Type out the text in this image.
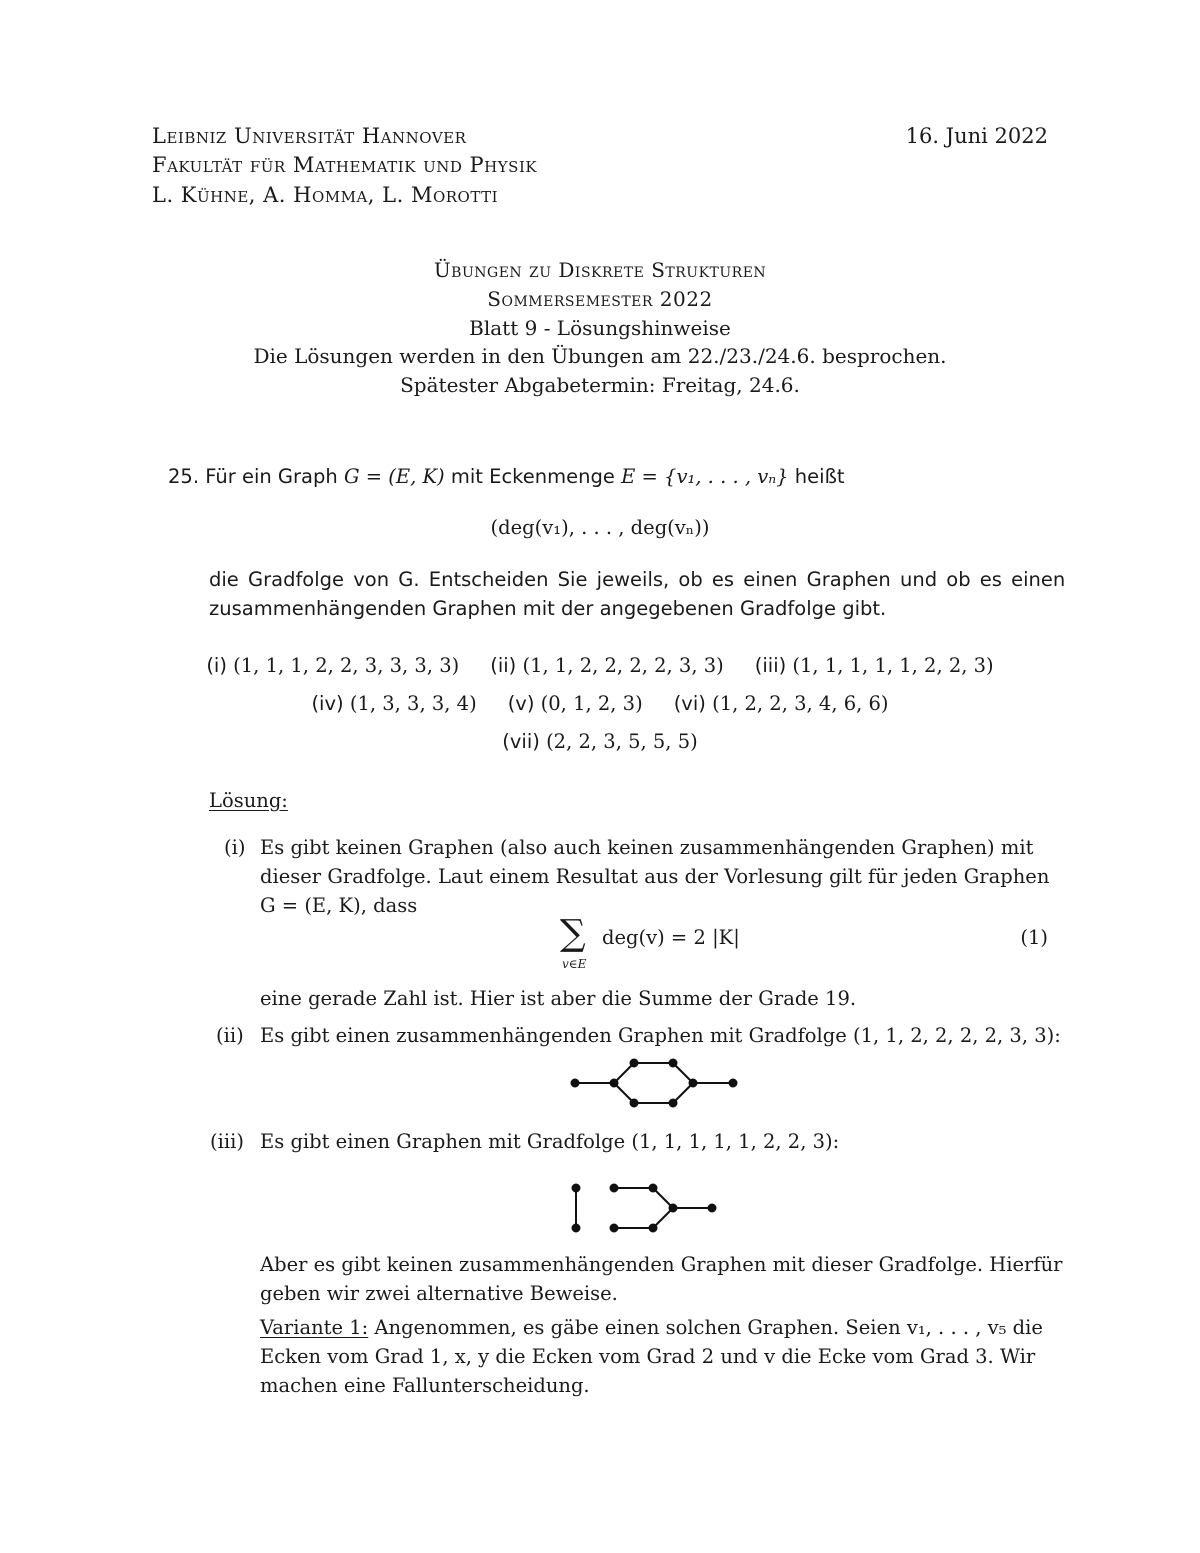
Leibniz Universität Hannover
Fakultät für Mathematik und Physik
L. Kühne, A. Homma, L. Morotti
16. Juni 2022
Übungen zu Diskrete Strukturen
Sommersemester 2022
Blatt 9 - Lösungshinweise
Die Lösungen werden in den Übungen am 22./23./24.6. besprochen.
Spätester Abgabetermin: Freitag, 24.6.
25. Für ein Graph G = (E, K) mit Eckenmenge E = {v₁, . . . , vₙ} heißt
(deg(v₁), . . . , deg(vₙ))
die Gradfolge von G. Entscheiden Sie jeweils, ob es einen Graphen und ob es einen
zusammenhängenden Graphen mit der angegebenen Gradfolge gibt.
(i) (1, 1, 1, 2, 2, 3, 3, 3, 3) (ii) (1, 1, 2, 2, 2, 2, 3, 3) (iii) (1, 1, 1, 1, 1, 2, 2, 3)
(iv) (1, 3, 3, 3, 4) (v) (0, 1, 2, 3) (vi) (1, 2, 2, 3, 4, 6, 6)
(vii) (2, 2, 3, 5, 5, 5)
Lösung:
(i) Es gibt keinen Graphen (also auch keinen zusammenhängenden Graphen) mit
dieser Gradfolge. Laut einem Resultat aus der Vorlesung gilt für jeden Graphen
G = (E, K), dass
∑
v∈E
deg(v) = 2 |K|	(1)
eine gerade Zahl ist. Hier ist aber die Summe der Grade 19.
(ii) Es gibt einen zusammenhängenden Graphen mit Gradfolge (1, 1, 2, 2, 2, 2, 3, 3):
(iii) Es gibt einen Graphen mit Gradfolge (1, 1, 1, 1, 1, 2, 2, 3):
Aber es gibt keinen zusammenhängenden Graphen mit dieser Gradfolge. Hierfür
geben wir zwei alternative Beweise.
Variante 1: Angenommen, es gäbe einen solchen Graphen. Seien v₁, . . . , v₅ die
Ecken vom Grad 1, x, y die Ecken vom Grad 2 und v die Ecke vom Grad 3. Wir
machen eine Fallunterscheidung.
